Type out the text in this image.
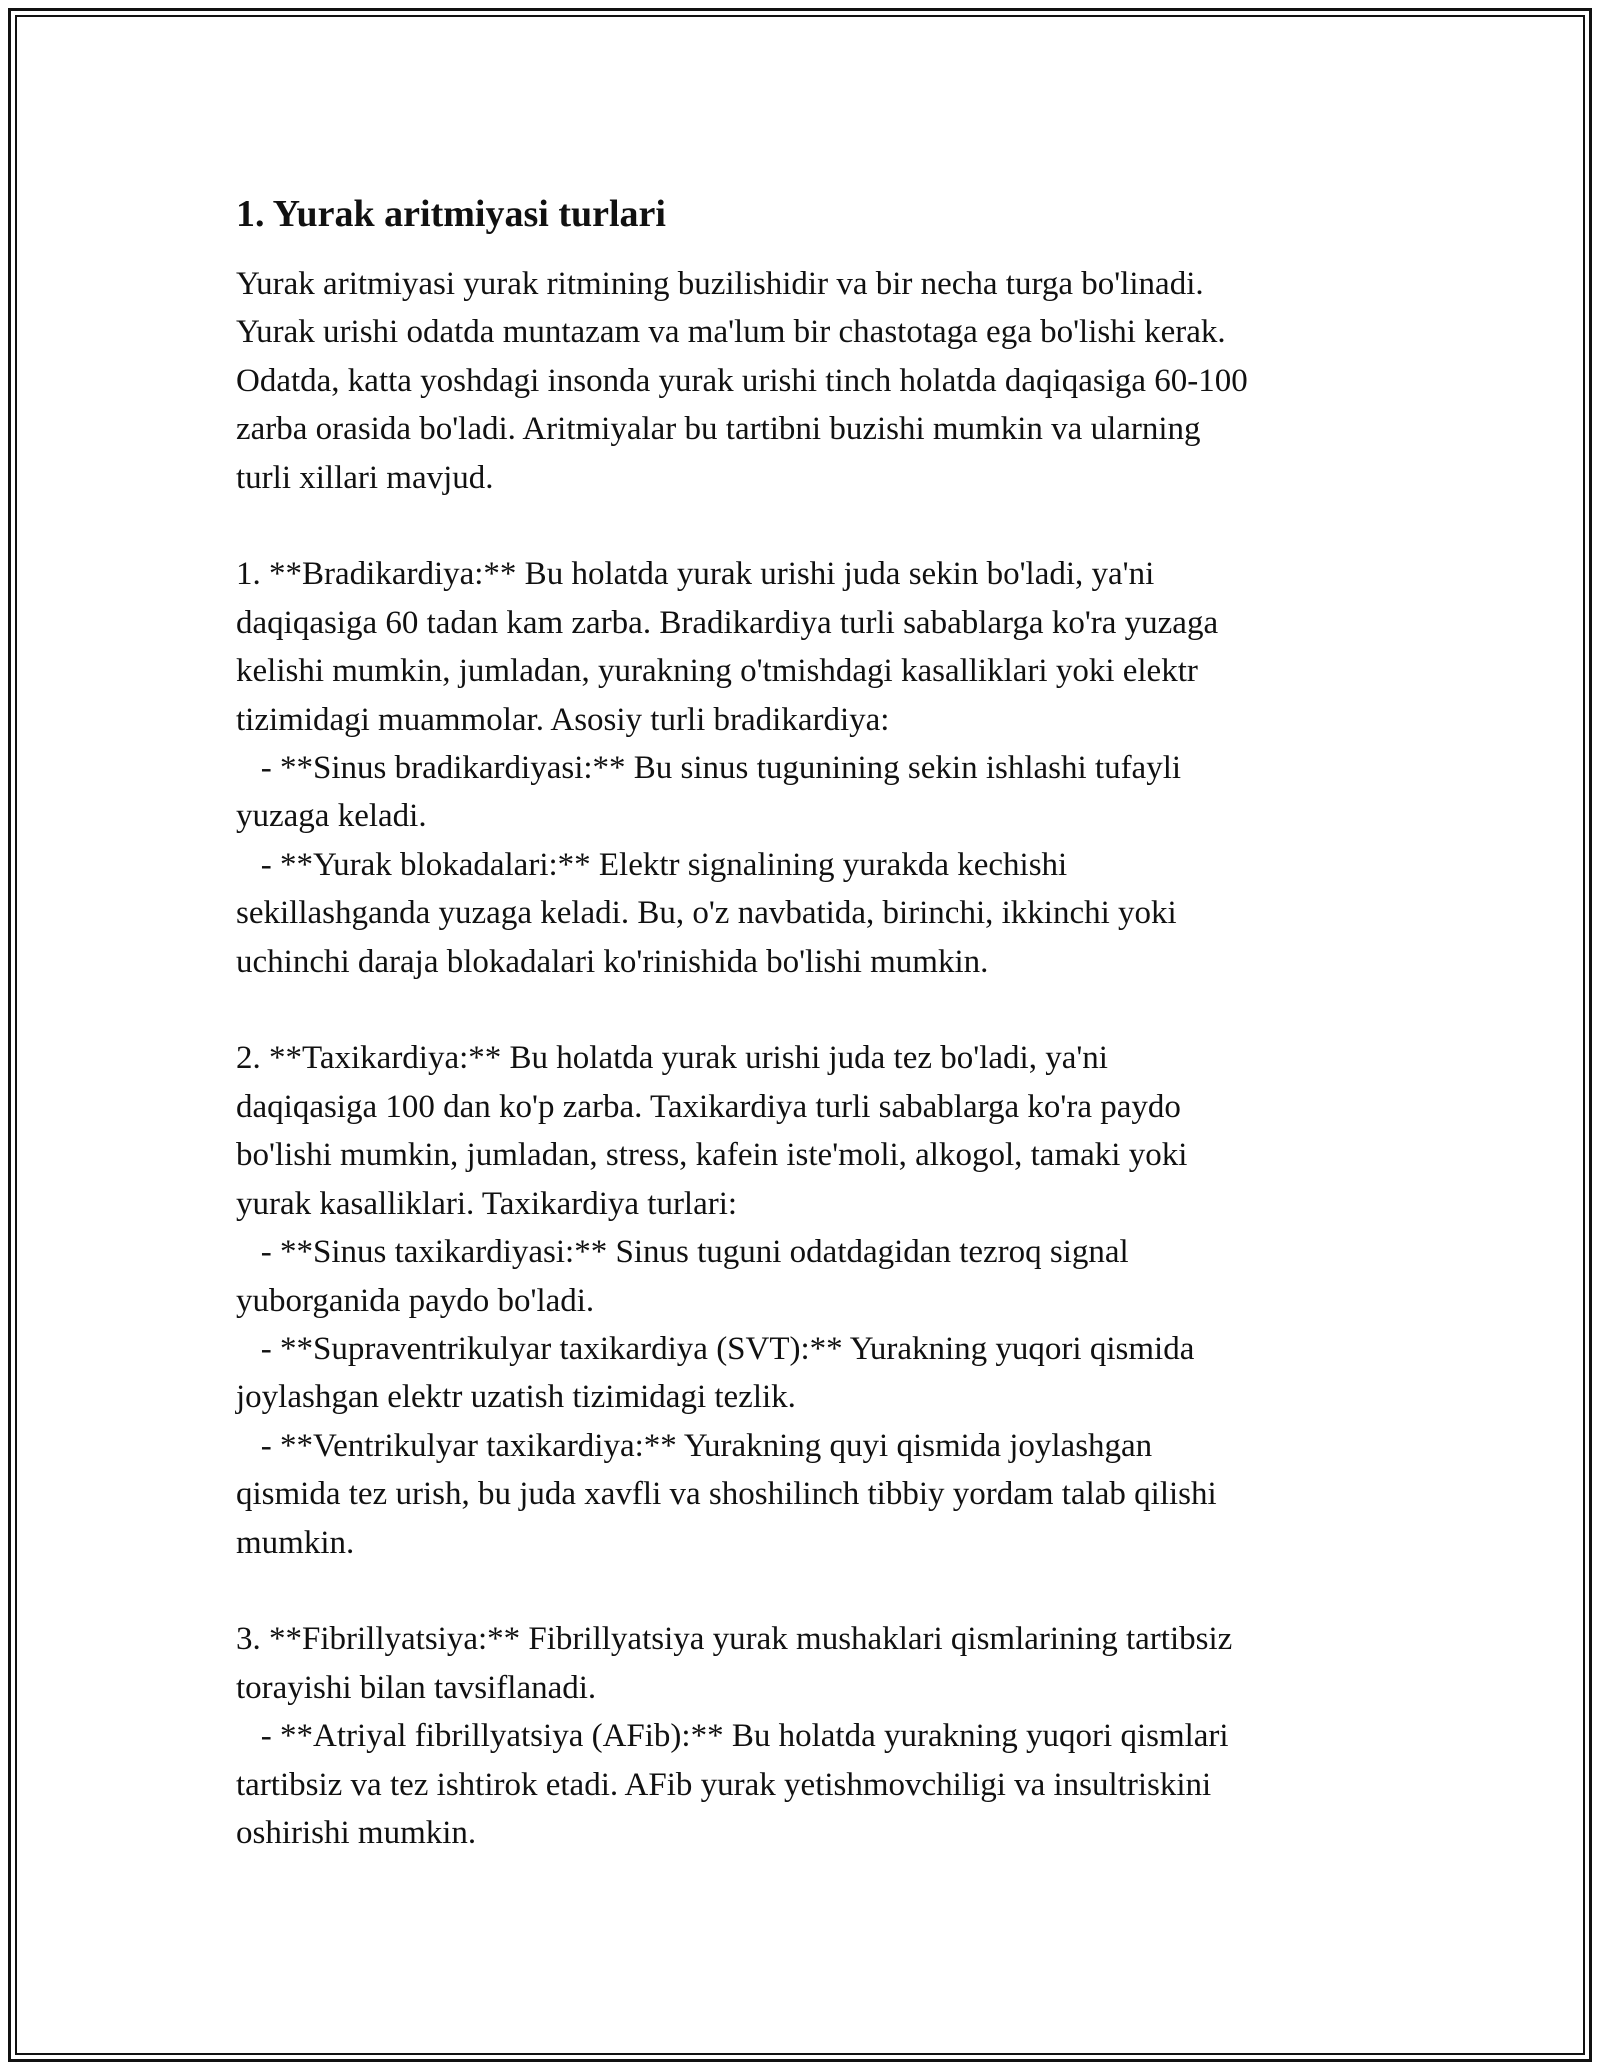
1. Yurak aritmiyasi turlari
Yurak aritmiyasi yurak ritmining buzilishidir va bir necha turga bo'linadi.
Yurak urishi odatda muntazam va ma'lum bir chastotaga ega bo'lishi kerak.
Odatda, katta yoshdagi insonda yurak urishi tinch holatda daqiqasiga 60-100
zarba orasida bo'ladi. Aritmiyalar bu tartibni buzishi mumkin va ularning
turli xillari mavjud.
1. **Bradikardiya:** Bu holatda yurak urishi juda sekin bo'ladi, ya'ni
daqiqasiga 60 tadan kam zarba. Bradikardiya turli sabablarga ko'ra yuzaga
kelishi mumkin, jumladan, yurakning o'tmishdagi kasalliklari yoki elektr
tizimidagi muammolar. Asosiy turli bradikardiya:
- **Sinus bradikardiyasi:** Bu sinus tugunining sekin ishlashi tufayli
yuzaga keladi.
- **Yurak blokadalari:** Elektr signalining yurakda kechishi
sekillashganda yuzaga keladi. Bu, o'z navbatida, birinchi, ikkinchi yoki
uchinchi daraja blokadalari ko'rinishida bo'lishi mumkin.
2. **Taxikardiya:** Bu holatda yurak urishi juda tez bo'ladi, ya'ni
daqiqasiga 100 dan ko'p zarba. Taxikardiya turli sabablarga ko'ra paydo
bo'lishi mumkin, jumladan, stress, kafein iste'moli, alkogol, tamaki yoki
yurak kasalliklari. Taxikardiya turlari:
- **Sinus taxikardiyasi:** Sinus tuguni odatdagidan tezroq signal
yuborganida paydo bo'ladi.
- **Supraventrikulyar taxikardiya (SVT):** Yurakning yuqori qismida
joylashgan elektr uzatish tizimidagi tezlik.
- **Ventrikulyar taxikardiya:** Yurakning quyi qismida joylashgan
qismida tez urish, bu juda xavfli va shoshilinch tibbiy yordam talab qilishi
mumkin.
3. **Fibrillyatsiya:** Fibrillyatsiya yurak mushaklari qismlarining tartibsiz
torayishi bilan tavsiflanadi.
- **Atriyal fibrillyatsiya (AFib):** Bu holatda yurakning yuqori qismlari
tartibsiz va tez ishtirok etadi. AFib yurak yetishmovchiligi va insultriskini
oshirishi mumkin.
